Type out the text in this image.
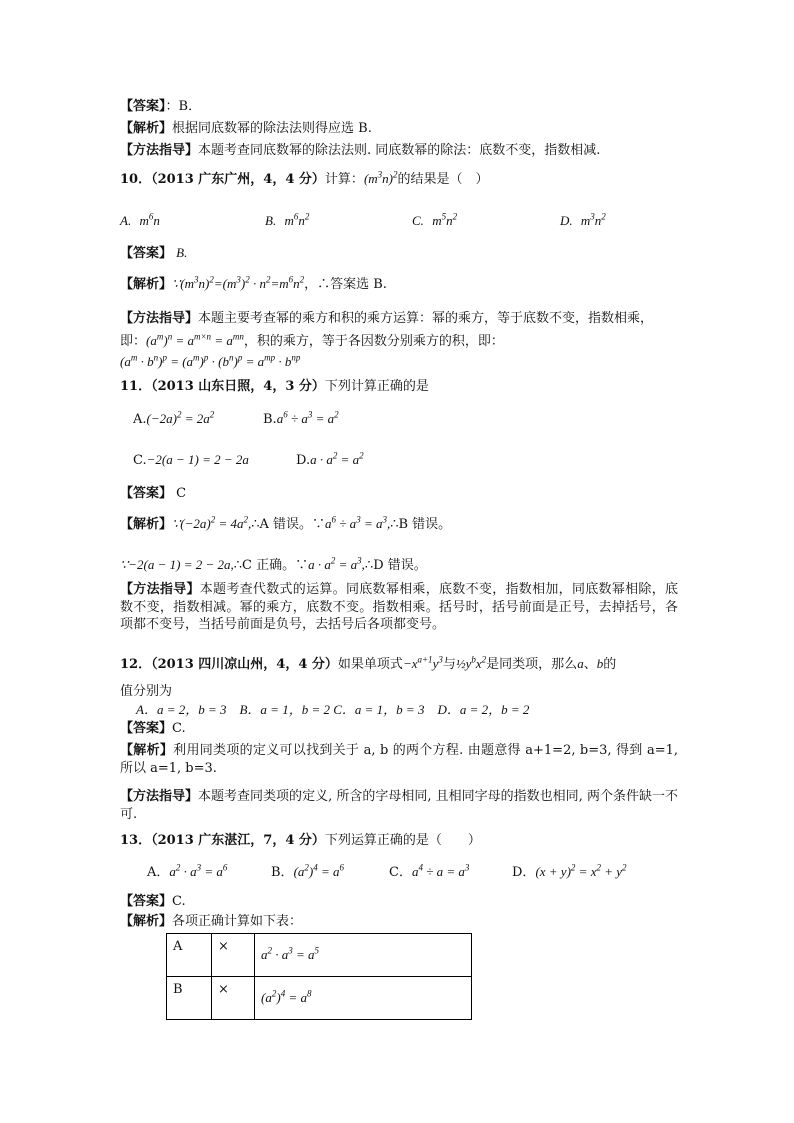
【答案】：B．
【解析】根据同底数幂的除法法则得应选 B.
【方法指导】本题考查同底数幂的除法法则. 同底数幂的除法：底数不变，指数相减.
10．（2013 广东广州，4，4 分）计算：$(m^3n)^2$的结果是（　）
A. $m^6n$	B. $m^6n^2$	C. $m^5n^2$	D. $m^3n^2$
【答案】 B.
【解析】$\because(m^3n)^2=(m^3)^2 \cdot n^2=m^6n^2$，∴答案选 B.
【方法指导】本题主要考查幂的乘方和积的乘方运算：幂的乘方，等于底数不变，指数相乘，
即：$(a^m)^n = a^{m\times n} = a^{mn}$，积的乘方，等于各因数分别乘方的积，即：
$(a^m \cdot b^n)^p = (a^m)^p \cdot (b^n)^p = a^{mp} \cdot b^{np}$
11．（2013 山东日照，4，3 分）下列计算正确的是
$A.(-2a)^2 = 2a^2$	$B.a^6 \div a^3 = a^2$
C.−2(a − 1) = 2 − 2a	$D.a \cdot a^2 = a^2$
【答案】 C
【解析】$\because(-2a)^2$ = $4a^2,\therefore A$ 错误。$\because a^6 \div a^3$ = $a^3,\therefore B$ 错误。
∵−2(a − 1) = 2 − 2a,∴C 正确。∵a · $a^2$ = $a^3,\therefore D$ 错误。
【方法指导】本题考查代数式的运算。同底数幂相乘，底数不变，指数相加，同底数幂相除，底数不变，指数相减。幂的乘方，底数不变。指数相乘。括号时，括号前面是正号，去掉括号，各项都不变号，当括号前面是负号，去括号后各项都变号。
12．（2013 四川凉山州，4，4 分）如果单项式$-x^{a+1}y^3$与$\frac{1}{2}y^bx^2$是同类项，那么a、b的
值分别为
A．a = 2，b = 3　B．a = 1，b = 2 C．a = 1，b = 3　D．a = 2，b = 2
【答案】C.
【解析】利用同类项的定义可以找到关于 a, b 的两个方程. 由题意得 a+1=2, b=3, 得到 a=1, 所以 a=1, b=3.
【方法指导】本题考查同类项的定义, 所含的字母相同, 且相同字母的指数也相同, 两个条件缺一不可.
13．（2013 广东湛江，7，4 分）下列运算正确的是（　　）
A．$a^2 \cdot a^3 = a^6$	B．$(a^2)^4 = a^6$	C．$a^4 \div a = a^3$	D．$(x + y)^2 = x^2 + y^2$
【答案】C.
【解析】各项正确计算如下表：
A	×	$a^2 \cdot a^3 = a^5$
B	×	$(a^2)^4 = a^8$
